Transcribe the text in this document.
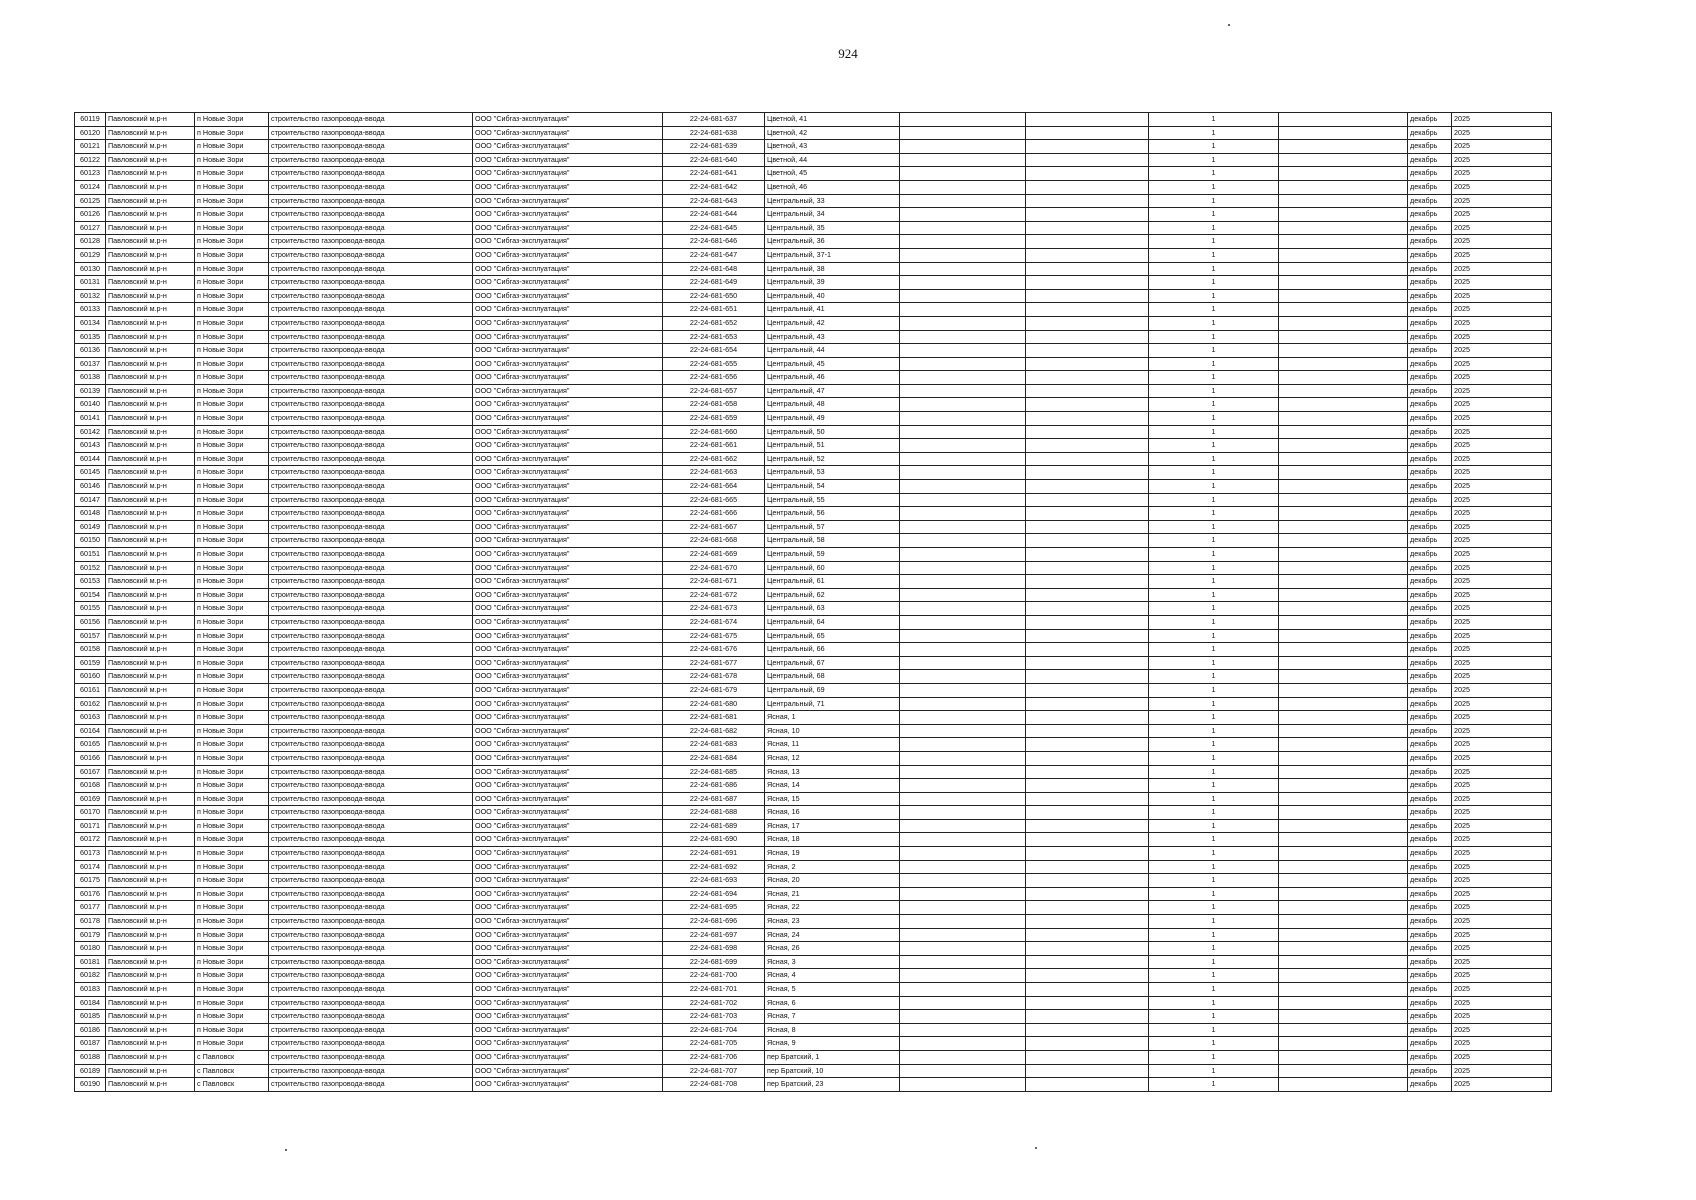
924
60119	Павловский м.р-н	п Новые Зори	строительство газопровода-ввода	ООО "Сибгаз-эксплуатация"	22-24-681-637	Цветной, 41			1		декабрь	2025
60120	Павловский м.р-н	п Новые Зори	строительство газопровода-ввода	ООО "Сибгаз-эксплуатация"	22-24-681-638	Цветной, 42			1		декабрь	2025
60121	Павловский м.р-н	п Новые Зори	строительство газопровода-ввода	ООО "Сибгаз-эксплуатация"	22-24-681-639	Цветной, 43			1		декабрь	2025
60122	Павловский м.р-н	п Новые Зори	строительство газопровода-ввода	ООО "Сибгаз-эксплуатация"	22-24-681-640	Цветной, 44			1		декабрь	2025
60123	Павловский м.р-н	п Новые Зори	строительство газопровода-ввода	ООО "Сибгаз-эксплуатация"	22-24-681-641	Цветной, 45			1		декабрь	2025
60124	Павловский м.р-н	п Новые Зори	строительство газопровода-ввода	ООО "Сибгаз-эксплуатация"	22-24-681-642	Цветной, 46			1		декабрь	2025
60125	Павловский м.р-н	п Новые Зори	строительство газопровода-ввода	ООО "Сибгаз-эксплуатация"	22-24-681-643	Центральный, 33			1		декабрь	2025
60126	Павловский м.р-н	п Новые Зори	строительство газопровода-ввода	ООО "Сибгаз-эксплуатация"	22-24-681-644	Центральный, 34			1		декабрь	2025
60127	Павловский м.р-н	п Новые Зори	строительство газопровода-ввода	ООО "Сибгаз-эксплуатация"	22-24-681-645	Центральный, 35			1		декабрь	2025
60128	Павловский м.р-н	п Новые Зори	строительство газопровода-ввода	ООО "Сибгаз-эксплуатация"	22-24-681-646	Центральный, 36			1		декабрь	2025
60129	Павловский м.р-н	п Новые Зори	строительство газопровода-ввода	ООО "Сибгаз-эксплуатация"	22-24-681-647	Центральный, 37-1			1		декабрь	2025
60130	Павловский м.р-н	п Новые Зори	строительство газопровода-ввода	ООО "Сибгаз-эксплуатация"	22-24-681-648	Центральный, 38			1		декабрь	2025
60131	Павловский м.р-н	п Новые Зори	строительство газопровода-ввода	ООО "Сибгаз-эксплуатация"	22-24-681-649	Центральный, 39			1		декабрь	2025
60132	Павловский м.р-н	п Новые Зори	строительство газопровода-ввода	ООО "Сибгаз-эксплуатация"	22-24-681-650	Центральный, 40			1		декабрь	2025
60133	Павловский м.р-н	п Новые Зори	строительство газопровода-ввода	ООО "Сибгаз-эксплуатация"	22-24-681-651	Центральный, 41			1		декабрь	2025
60134	Павловский м.р-н	п Новые Зори	строительство газопровода-ввода	ООО "Сибгаз-эксплуатация"	22-24-681-652	Центральный, 42			1		декабрь	2025
60135	Павловский м.р-н	п Новые Зори	строительство газопровода-ввода	ООО "Сибгаз-эксплуатация"	22-24-681-653	Центральный, 43			1		декабрь	2025
60136	Павловский м.р-н	п Новые Зори	строительство газопровода-ввода	ООО "Сибгаз-эксплуатация"	22-24-681-654	Центральный, 44			1		декабрь	2025
60137	Павловский м.р-н	п Новые Зори	строительство газопровода-ввода	ООО "Сибгаз-эксплуатация"	22-24-681-655	Центральный, 45			1		декабрь	2025
60138	Павловский м.р-н	п Новые Зори	строительство газопровода-ввода	ООО "Сибгаз-эксплуатация"	22-24-681-656	Центральный, 46			1		декабрь	2025
60139	Павловский м.р-н	п Новые Зори	строительство газопровода-ввода	ООО "Сибгаз-эксплуатация"	22-24-681-657	Центральный, 47			1		декабрь	2025
60140	Павловский м.р-н	п Новые Зори	строительство газопровода-ввода	ООО "Сибгаз-эксплуатация"	22-24-681-658	Центральный, 48			1		декабрь	2025
60141	Павловский м.р-н	п Новые Зори	строительство газопровода-ввода	ООО "Сибгаз-эксплуатация"	22-24-681-659	Центральный, 49			1		декабрь	2025
60142	Павловский м.р-н	п Новые Зори	строительство газопровода-ввода	ООО "Сибгаз-эксплуатация"	22-24-681-660	Центральный, 50			1		декабрь	2025
60143	Павловский м.р-н	п Новые Зори	строительство газопровода-ввода	ООО "Сибгаз-эксплуатация"	22-24-681-661	Центральный, 51			1		декабрь	2025
60144	Павловский м.р-н	п Новые Зори	строительство газопровода-ввода	ООО "Сибгаз-эксплуатация"	22-24-681-662	Центральный, 52			1		декабрь	2025
60145	Павловский м.р-н	п Новые Зори	строительство газопровода-ввода	ООО "Сибгаз-эксплуатация"	22-24-681-663	Центральный, 53			1		декабрь	2025
60146	Павловский м.р-н	п Новые Зори	строительство газопровода-ввода	ООО "Сибгаз-эксплуатация"	22-24-681-664	Центральный, 54			1		декабрь	2025
60147	Павловский м.р-н	п Новые Зори	строительство газопровода-ввода	ООО "Сибгаз-эксплуатация"	22-24-681-665	Центральный, 55			1		декабрь	2025
60148	Павловский м.р-н	п Новые Зори	строительство газопровода-ввода	ООО "Сибгаз-эксплуатация"	22-24-681-666	Центральный, 56			1		декабрь	2025
60149	Павловский м.р-н	п Новые Зори	строительство газопровода-ввода	ООО "Сибгаз-эксплуатация"	22-24-681-667	Центральный, 57			1		декабрь	2025
60150	Павловский м.р-н	п Новые Зори	строительство газопровода-ввода	ООО "Сибгаз-эксплуатация"	22-24-681-668	Центральный, 58			1		декабрь	2025
60151	Павловский м.р-н	п Новые Зори	строительство газопровода-ввода	ООО "Сибгаз-эксплуатация"	22-24-681-669	Центральный, 59			1		декабрь	2025
60152	Павловский м.р-н	п Новые Зори	строительство газопровода-ввода	ООО "Сибгаз-эксплуатация"	22-24-681-670	Центральный, 60			1		декабрь	2025
60153	Павловский м.р-н	п Новые Зори	строительство газопровода-ввода	ООО "Сибгаз-эксплуатация"	22-24-681-671	Центральный, 61			1		декабрь	2025
60154	Павловский м.р-н	п Новые Зори	строительство газопровода-ввода	ООО "Сибгаз-эксплуатация"	22-24-681-672	Центральный, 62			1		декабрь	2025
60155	Павловский м.р-н	п Новые Зори	строительство газопровода-ввода	ООО "Сибгаз-эксплуатация"	22-24-681-673	Центральный, 63			1		декабрь	2025
60156	Павловский м.р-н	п Новые Зори	строительство газопровода-ввода	ООО "Сибгаз-эксплуатация"	22-24-681-674	Центральный, 64			1		декабрь	2025
60157	Павловский м.р-н	п Новые Зори	строительство газопровода-ввода	ООО "Сибгаз-эксплуатация"	22-24-681-675	Центральный, 65			1		декабрь	2025
60158	Павловский м.р-н	п Новые Зори	строительство газопровода-ввода	ООО "Сибгаз-эксплуатация"	22-24-681-676	Центральный, 66			1		декабрь	2025
60159	Павловский м.р-н	п Новые Зори	строительство газопровода-ввода	ООО "Сибгаз-эксплуатация"	22-24-681-677	Центральный, 67			1		декабрь	2025
60160	Павловский м.р-н	п Новые Зори	строительство газопровода-ввода	ООО "Сибгаз-эксплуатация"	22-24-681-678	Центральный, 68			1		декабрь	2025
60161	Павловский м.р-н	п Новые Зори	строительство газопровода-ввода	ООО "Сибгаз-эксплуатация"	22-24-681-679	Центральный, 69			1		декабрь	2025
60162	Павловский м.р-н	п Новые Зори	строительство газопровода-ввода	ООО "Сибгаз-эксплуатация"	22-24-681-680	Центральный, 71			1		декабрь	2025
60163	Павловский м.р-н	п Новые Зори	строительство газопровода-ввода	ООО "Сибгаз-эксплуатация"	22-24-681-681	Ясная, 1			1		декабрь	2025
60164	Павловский м.р-н	п Новые Зори	строительство газопровода-ввода	ООО "Сибгаз-эксплуатация"	22-24-681-682	Ясная, 10			1		декабрь	2025
60165	Павловский м.р-н	п Новые Зори	строительство газопровода-ввода	ООО "Сибгаз-эксплуатация"	22-24-681-683	Ясная, 11			1		декабрь	2025
60166	Павловский м.р-н	п Новые Зори	строительство газопровода-ввода	ООО "Сибгаз-эксплуатация"	22-24-681-684	Ясная, 12			1		декабрь	2025
60167	Павловский м.р-н	п Новые Зори	строительство газопровода-ввода	ООО "Сибгаз-эксплуатация"	22-24-681-685	Ясная, 13			1		декабрь	2025
60168	Павловский м.р-н	п Новые Зори	строительство газопровода-ввода	ООО "Сибгаз-эксплуатация"	22-24-681-686	Ясная, 14			1		декабрь	2025
60169	Павловский м.р-н	п Новые Зори	строительство газопровода-ввода	ООО "Сибгаз-эксплуатация"	22-24-681-687	Ясная, 15			1		декабрь	2025
60170	Павловский м.р-н	п Новые Зори	строительство газопровода-ввода	ООО "Сибгаз-эксплуатация"	22-24-681-688	Ясная, 16			1		декабрь	2025
60171	Павловский м.р-н	п Новые Зори	строительство газопровода-ввода	ООО "Сибгаз-эксплуатация"	22-24-681-689	Ясная, 17			1		декабрь	2025
60172	Павловский м.р-н	п Новые Зори	строительство газопровода-ввода	ООО "Сибгаз-эксплуатация"	22-24-681-690	Ясная, 18			1		декабрь	2025
60173	Павловский м.р-н	п Новые Зори	строительство газопровода-ввода	ООО "Сибгаз-эксплуатация"	22-24-681-691	Ясная, 19			1		декабрь	2025
60174	Павловский м.р-н	п Новые Зори	строительство газопровода-ввода	ООО "Сибгаз-эксплуатация"	22-24-681-692	Ясная, 2			1		декабрь	2025
60175	Павловский м.р-н	п Новые Зори	строительство газопровода-ввода	ООО "Сибгаз-эксплуатация"	22-24-681-693	Ясная, 20			1		декабрь	2025
60176	Павловский м.р-н	п Новые Зори	строительство газопровода-ввода	ООО "Сибгаз-эксплуатация"	22-24-681-694	Ясная, 21			1		декабрь	2025
60177	Павловский м.р-н	п Новые Зори	строительство газопровода-ввода	ООО "Сибгаз-эксплуатация"	22-24-681-695	Ясная, 22			1		декабрь	2025
60178	Павловский м.р-н	п Новые Зори	строительство газопровода-ввода	ООО "Сибгаз-эксплуатация"	22-24-681-696	Ясная, 23			1		декабрь	2025
60179	Павловский м.р-н	п Новые Зори	строительство газопровода-ввода	ООО "Сибгаз-эксплуатация"	22-24-681-697	Ясная, 24			1		декабрь	2025
60180	Павловский м.р-н	п Новые Зори	строительство газопровода-ввода	ООО "Сибгаз-эксплуатация"	22-24-681-698	Ясная, 26			1		декабрь	2025
60181	Павловский м.р-н	п Новые Зори	строительство газопровода-ввода	ООО "Сибгаз-эксплуатация"	22-24-681-699	Ясная, 3			1		декабрь	2025
60182	Павловский м.р-н	п Новые Зори	строительство газопровода-ввода	ООО "Сибгаз-эксплуатация"	22-24-681-700	Ясная, 4			1		декабрь	2025
60183	Павловский м.р-н	п Новые Зори	строительство газопровода-ввода	ООО "Сибгаз-эксплуатация"	22-24-681-701	Ясная, 5			1		декабрь	2025
60184	Павловский м.р-н	п Новые Зори	строительство газопровода-ввода	ООО "Сибгаз-эксплуатация"	22-24-681-702	Ясная, 6			1		декабрь	2025
60185	Павловский м.р-н	п Новые Зори	строительство газопровода-ввода	ООО "Сибгаз-эксплуатация"	22-24-681-703	Ясная, 7			1		декабрь	2025
60186	Павловский м.р-н	п Новые Зори	строительство газопровода-ввода	ООО "Сибгаз-эксплуатация"	22-24-681-704	Ясная, 8			1		декабрь	2025
60187	Павловский м.р-н	п Новые Зори	строительство газопровода-ввода	ООО "Сибгаз-эксплуатация"	22-24-681-705	Ясная, 9			1		декабрь	2025
60188	Павловский м.р-н	с Павловск	строительство газопровода-ввода	ООО "Сибгаз-эксплуатация"	22-24-681-706	пер Братский, 1			1		декабрь	2025
60189	Павловский м.р-н	с Павловск	строительство газопровода-ввода	ООО "Сибгаз-эксплуатация"	22-24-681-707	пер Братский, 10			1		декабрь	2025
60190	Павловский м.р-н	с Павловск	строительство газопровода-ввода	ООО "Сибгаз-эксплуатация"	22-24-681-708	пер Братский, 23			1		декабрь	2025
